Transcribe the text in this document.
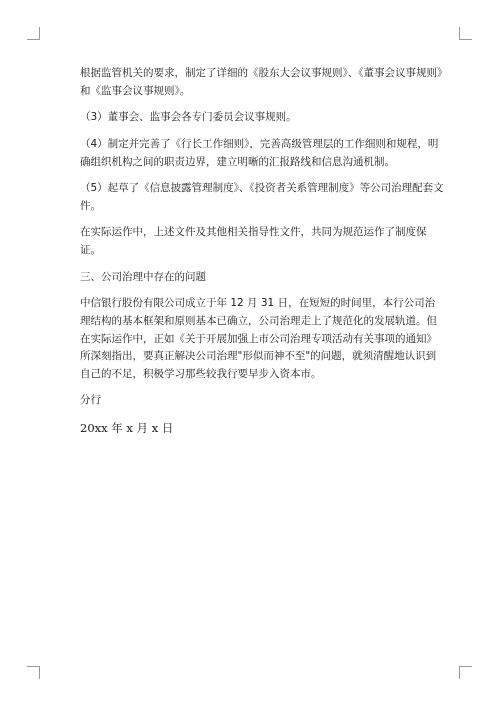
根据监管机关的要求，制定了详细的《股东大会议事规则》、《董事会议事规则》和《监事会议事规则》。

（3）董事会、监事会各专门委员会议事规则。

（4）制定并完善了《行长工作细则》，完善高级管理层的工作细则和规程，明确组织机构之间的职责边界，建立明晰的汇报路线和信息沟通机制。

（5）起草了《信息披露管理制度》、《投资者关系管理制度》等公司治理配套文件。

在实际运作中，上述文件及其他相关指导性文件，共同为规范运作了制度保证。

三、公司治理中存在的问题

中信银行股份有限公司成立于年 12 月 31 日，在短短的时间里，本行公司治理结构的基本框架和原则基本已确立，公司治理走上了规范化的发展轨道。但在实际运作中，正如《关于开展加强上市公司治理专项活动有关事项的通知》所深刻指出，要真正解决公司治理"形似而神不至"的问题，就须清醒地认识到自己的不足，积极学习那些较我行要早步入资本市。

分行

20xx 年 x 月 x 日
